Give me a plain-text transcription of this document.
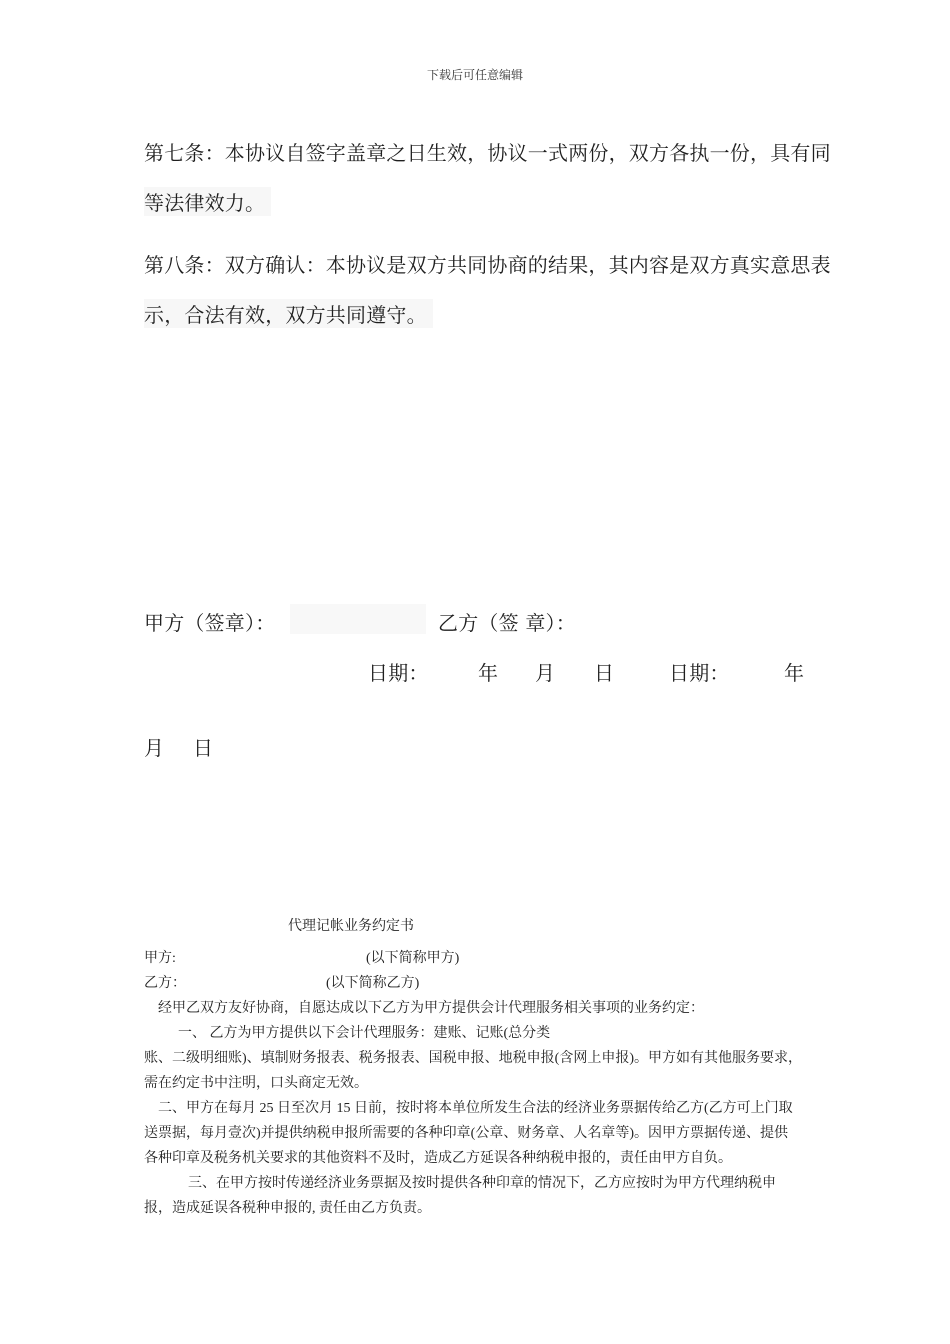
下载后可任意编辑
第七条：本协议自签字盖章之日生效，协议一式两份，双方各执一份，具有同
等法律效力。
第八条：双方确认：本协议是双方共同协商的结果，其内容是双方真实意思表
示，合法有效，双方共同遵守。
甲方（签章）：	乙方（签 章）：
日期： 年 月 日	日期：	年
月 日
代理记帐业务约定书
甲方:	(以下简称甲方)
乙方：	(以下简称乙方)
经甲乙双方友好协商，自愿达成以下乙方为甲方提供会计代理服务相关事项的业务约定：
一、 乙方为甲方提供以下会计代理服务：建账、记账(总分类
账、二级明细账)、填制财务报表、税务报表、国税申报、地税申报(含网上申报)。甲方如有其他服务要求，
需在约定书中注明，口头商定无效。
二、甲方在每月 25 日至次月 15 日前，按时将本单位所发生合法的经济业务票据传给乙方(乙方可上门取
送票据，每月壹次)并提供纳税申报所需要的各种印章(公章、财务章、人名章等)。因甲方票据传递、提供
各种印章及税务机关要求的其他资料不及时，造成乙方延误各种纳税申报的，责任由甲方自负。
三、在甲方按时传递经济业务票据及按时提供各种印章的情况下，乙方应按时为甲方代理纳税申
报，造成延误各税种申报的, 责任由乙方负责。
